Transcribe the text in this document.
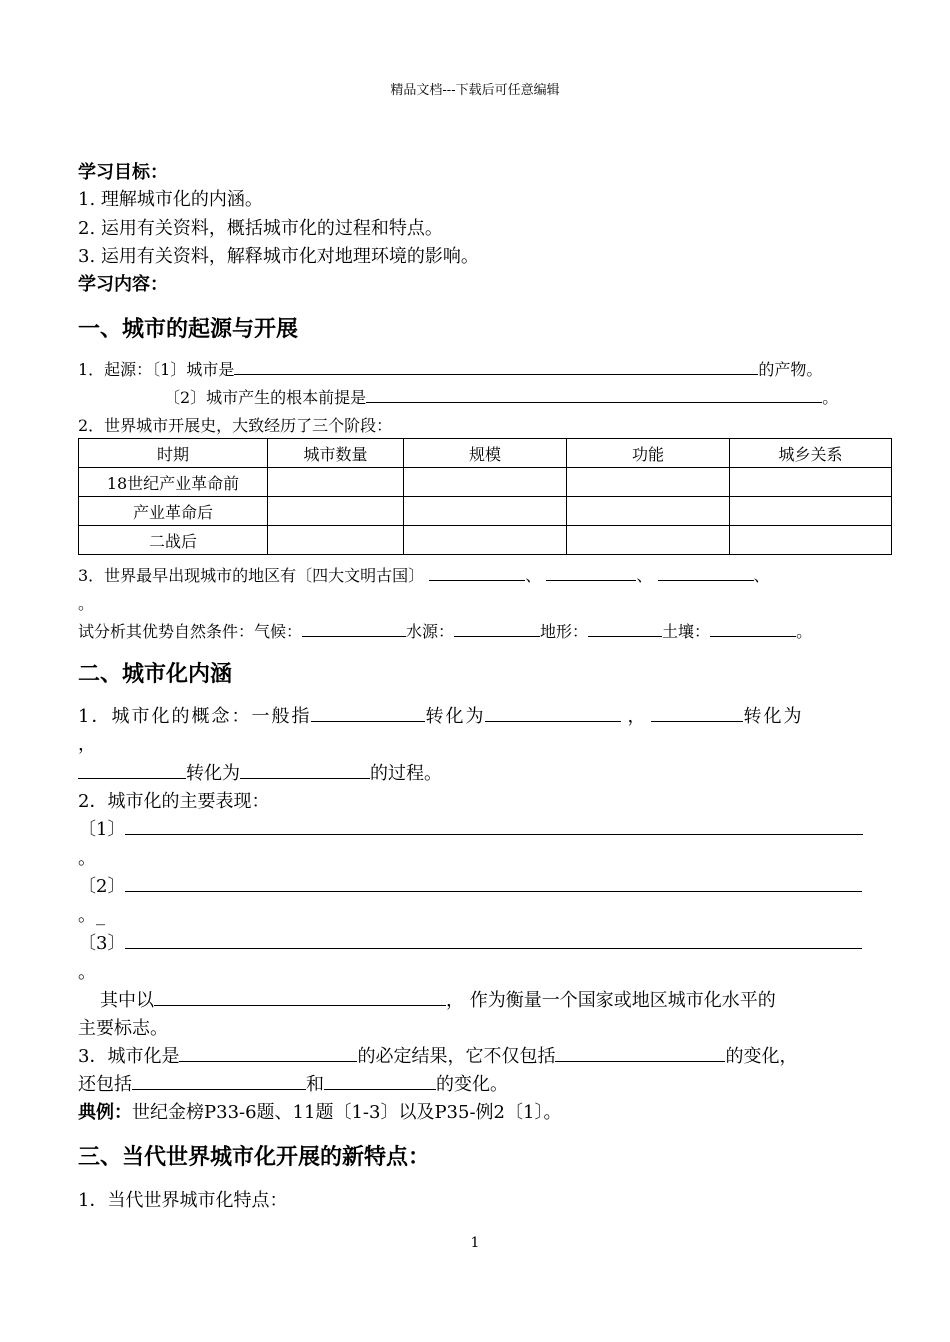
精品文档---下载后可任意编辑
学习目标：
1. 理解城市化的内涵。
2. 运用有关资料，概括城市化的过程和特点。
3. 运用有关资料，解释城市化对地理环境的影响。
学习内容：
一、城市的起源与开展
1．起源：〔1〕城市是	的产物。
〔2〕城市产生的根本前提是	。
2．世界城市开展史，大致经历了三个阶段：
时期	城市数量	规模	功能	城乡关系
18世纪产业革命前				
产业革命后				
二战后				
3．世界最早出现城市的地区有〔四大文明古国〕	、	、	、
。
试分析其优势自然条件：气候：	水源：	地形：	土壤：	。
二、城市化内涵
1．城市化的概念：一般指	转化为	，	转化为
，
转化为	的过程。
2．城市化的主要表现：
〔1〕
。
〔2〕
。_
〔3〕
。
其中以	， 作为衡量一个国家或地区城市化水平的
主要标志。
3．城市化是	的必定结果，它不仅包括	的变化，
还包括	和	的变化。
典例：世纪金榜P33-6题、11题〔1-3〕以及P35-例2〔1〕。
三、当代世界城市化开展的新特点：
1．当代世界城市化特点：
1
